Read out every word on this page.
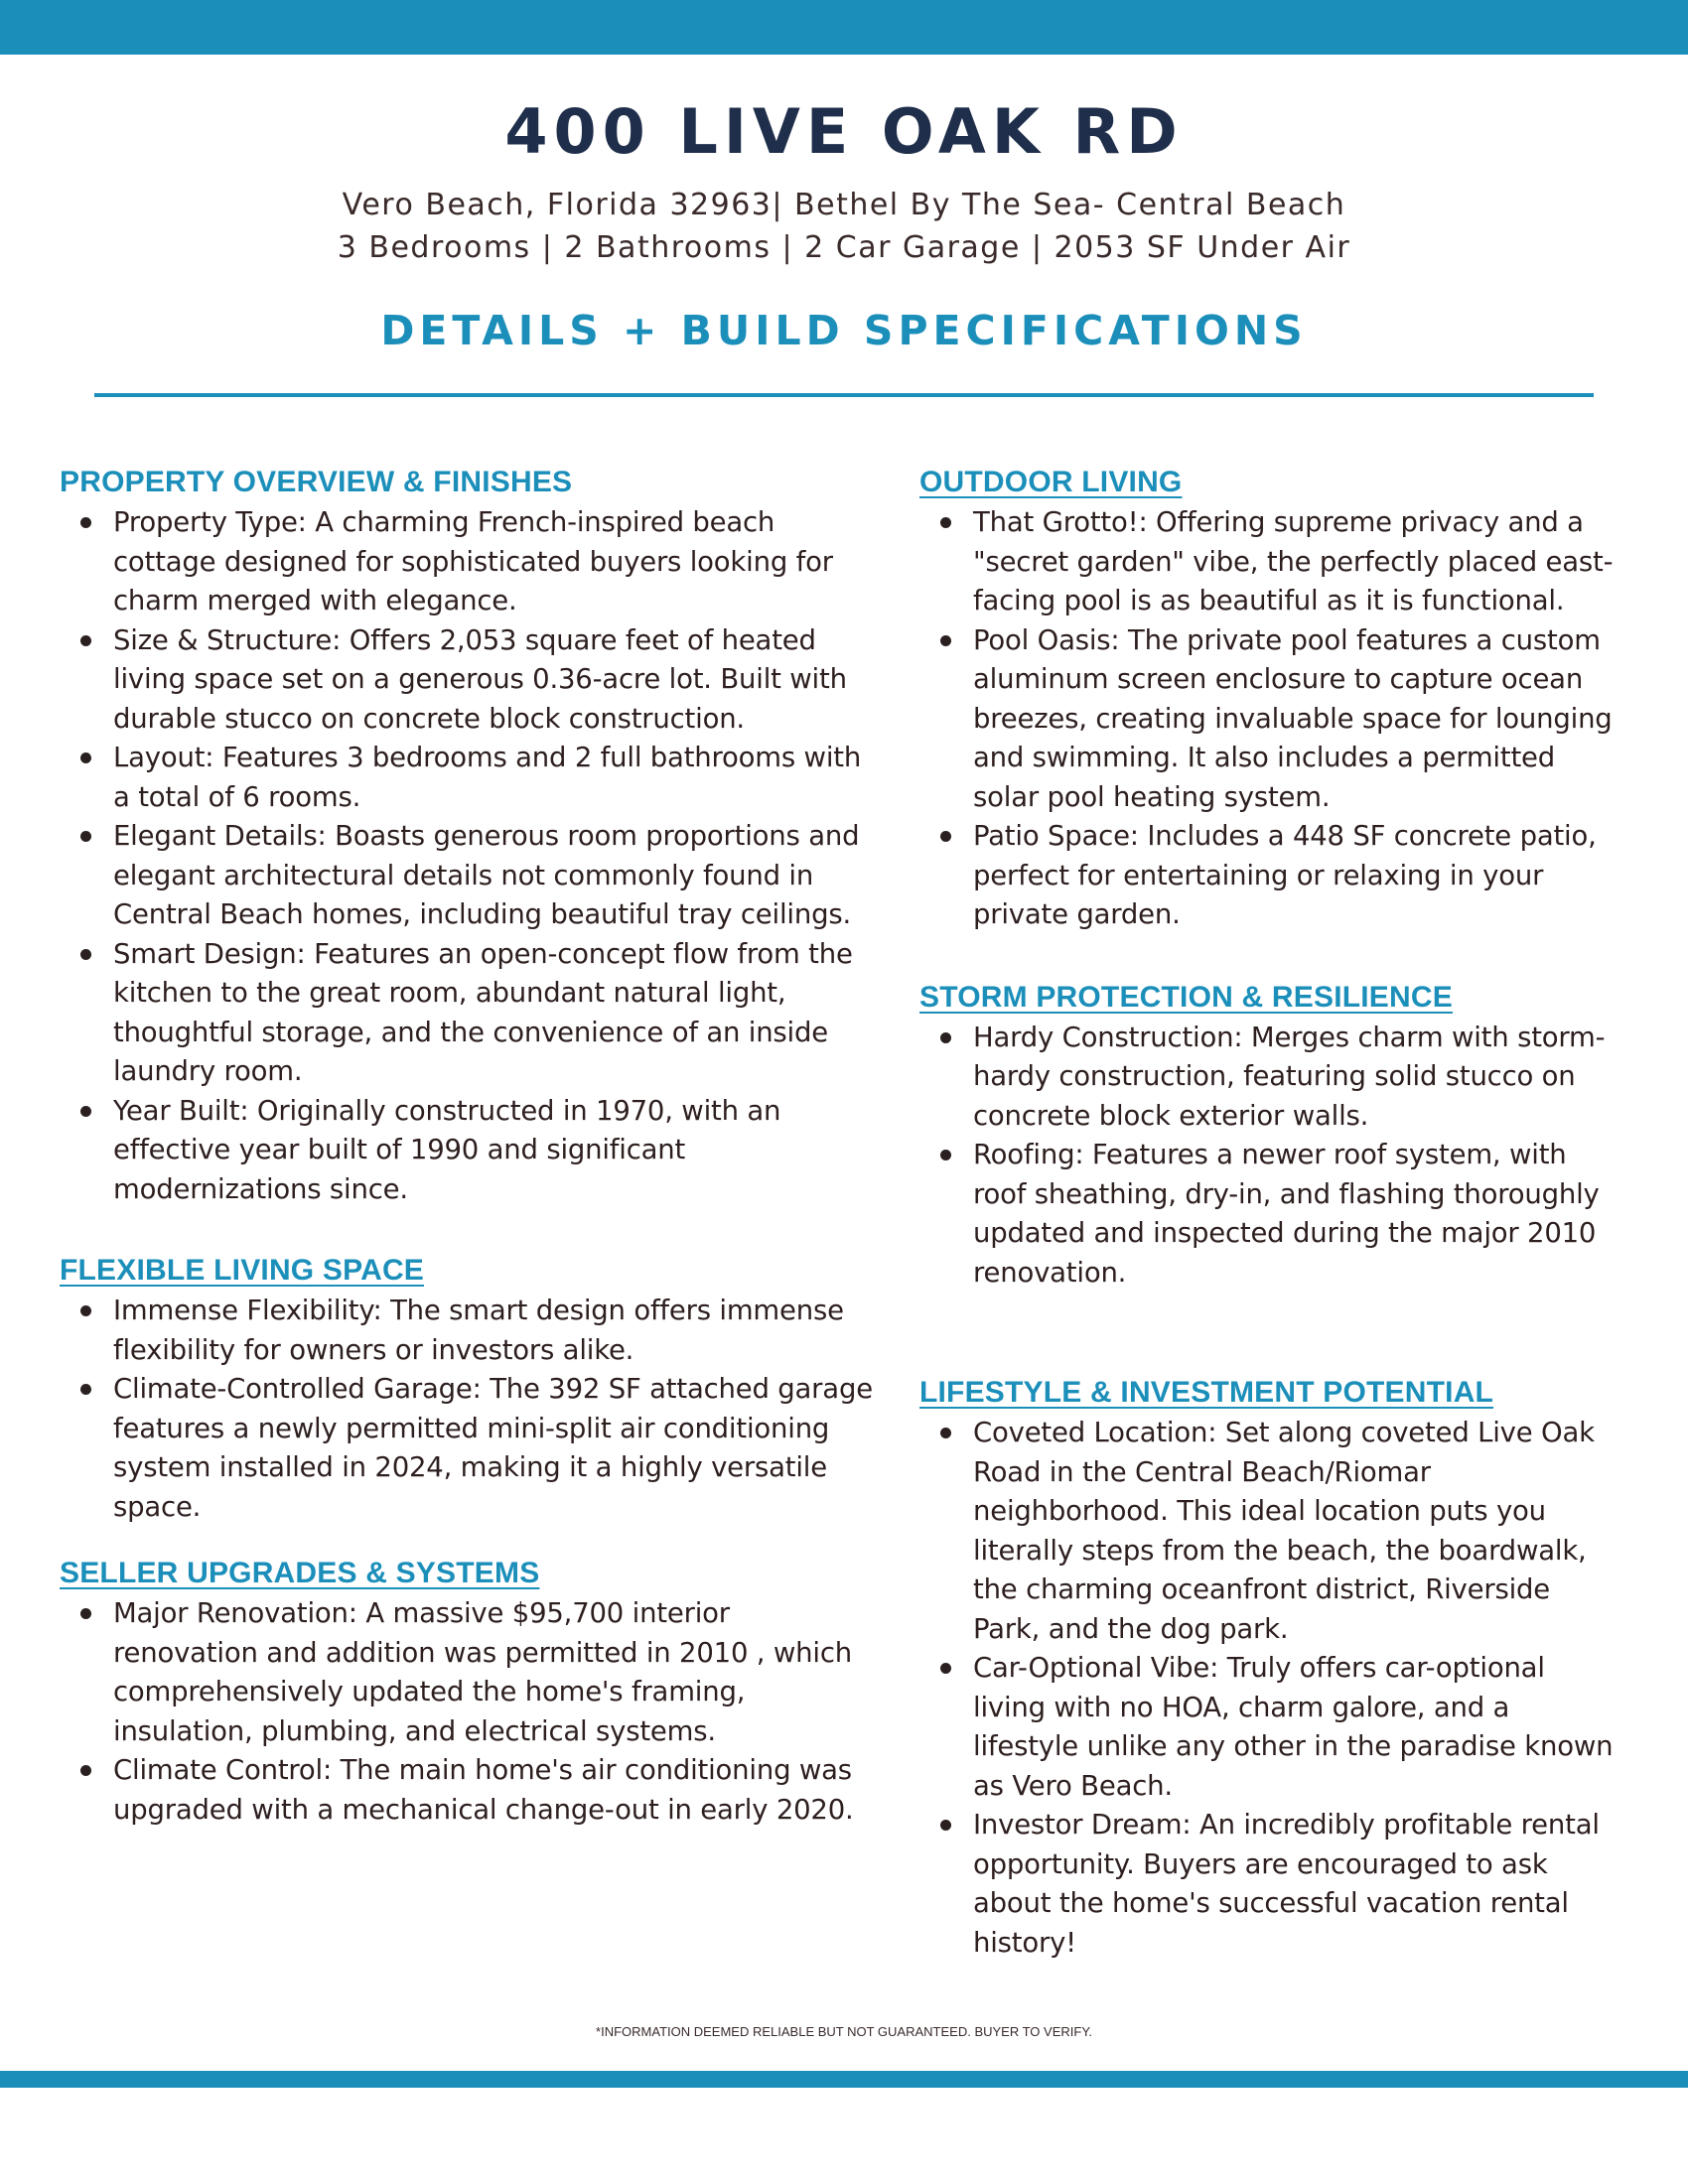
400 LIVE OAK RD

Vero Beach, Florida 32963| Bethel By The Sea- Central Beach

3 Bedrooms | 2 Bathrooms | 2 Car Garage | 2053 SF Under Air

DETAILS + BUILD SPECIFICATIONS
PROPERTY OVERVIEW & FINISHES
Property Type: A charming French-inspired beach cottage designed for sophisticated buyers looking for charm merged with elegance.
Size & Structure: Offers 2,053 square feet of heated living space set on a generous 0.36-acre lot. Built with durable stucco on concrete block construction.
Layout: Features 3 bedrooms and 2 full bathrooms with a total of 6 rooms.
Elegant Details: Boasts generous room proportions and elegant architectural details not commonly found in Central Beach homes, including beautiful tray ceilings.
Smart Design: Features an open-concept flow from the kitchen to the great room, abundant natural light, thoughtful storage, and the convenience of an inside laundry room.
Year Built: Originally constructed in 1970, with an effective year built of 1990 and significant modernizations since.
FLEXIBLE LIVING SPACE
Immense Flexibility: The smart design offers immense flexibility for owners or investors alike.
Climate-Controlled Garage: The 392 SF attached garage features a newly permitted mini-split air conditioning system installed in 2024, making it a highly versatile space.
SELLER UPGRADES & SYSTEMS
Major Renovation: A massive $95,700 interior renovation and addition was permitted in 2010 , which comprehensively updated the home's framing, insulation, plumbing, and electrical systems.
Climate Control: The main home's air conditioning was upgraded with a mechanical change-out in early 2020.
OUTDOOR LIVING
That Grotto!: Offering supreme privacy and a "secret garden" vibe, the perfectly placed east-facing pool is as beautiful as it is functional.
Pool Oasis: The private pool features a custom aluminum screen enclosure to capture ocean breezes, creating invaluable space for lounging and swimming. It also includes a permitted solar pool heating system.
Patio Space: Includes a 448 SF concrete patio, perfect for entertaining or relaxing in your private garden.
STORM PROTECTION & RESILIENCE
Hardy Construction: Merges charm with storm-hardy construction, featuring solid stucco on concrete block exterior walls.
Roofing: Features a newer roof system, with roof sheathing, dry-in, and flashing thoroughly updated and inspected during the major 2010 renovation.
LIFESTYLE & INVESTMENT POTENTIAL
Coveted Location: Set along coveted Live Oak Road in the Central Beach/Riomar neighborhood. This ideal location puts you literally steps from the beach, the boardwalk, the charming oceanfront district, Riverside Park, and the dog park.
Car-Optional Vibe: Truly offers car-optional living with no HOA, charm galore, and a lifestyle unlike any other in the paradise known as Vero Beach.
Investor Dream: An incredibly profitable rental opportunity. Buyers are encouraged to ask about the home's successful vacation rental history!

*INFORMATION DEEMED RELIABLE BUT NOT GUARANTEED. BUYER TO VERIFY.
